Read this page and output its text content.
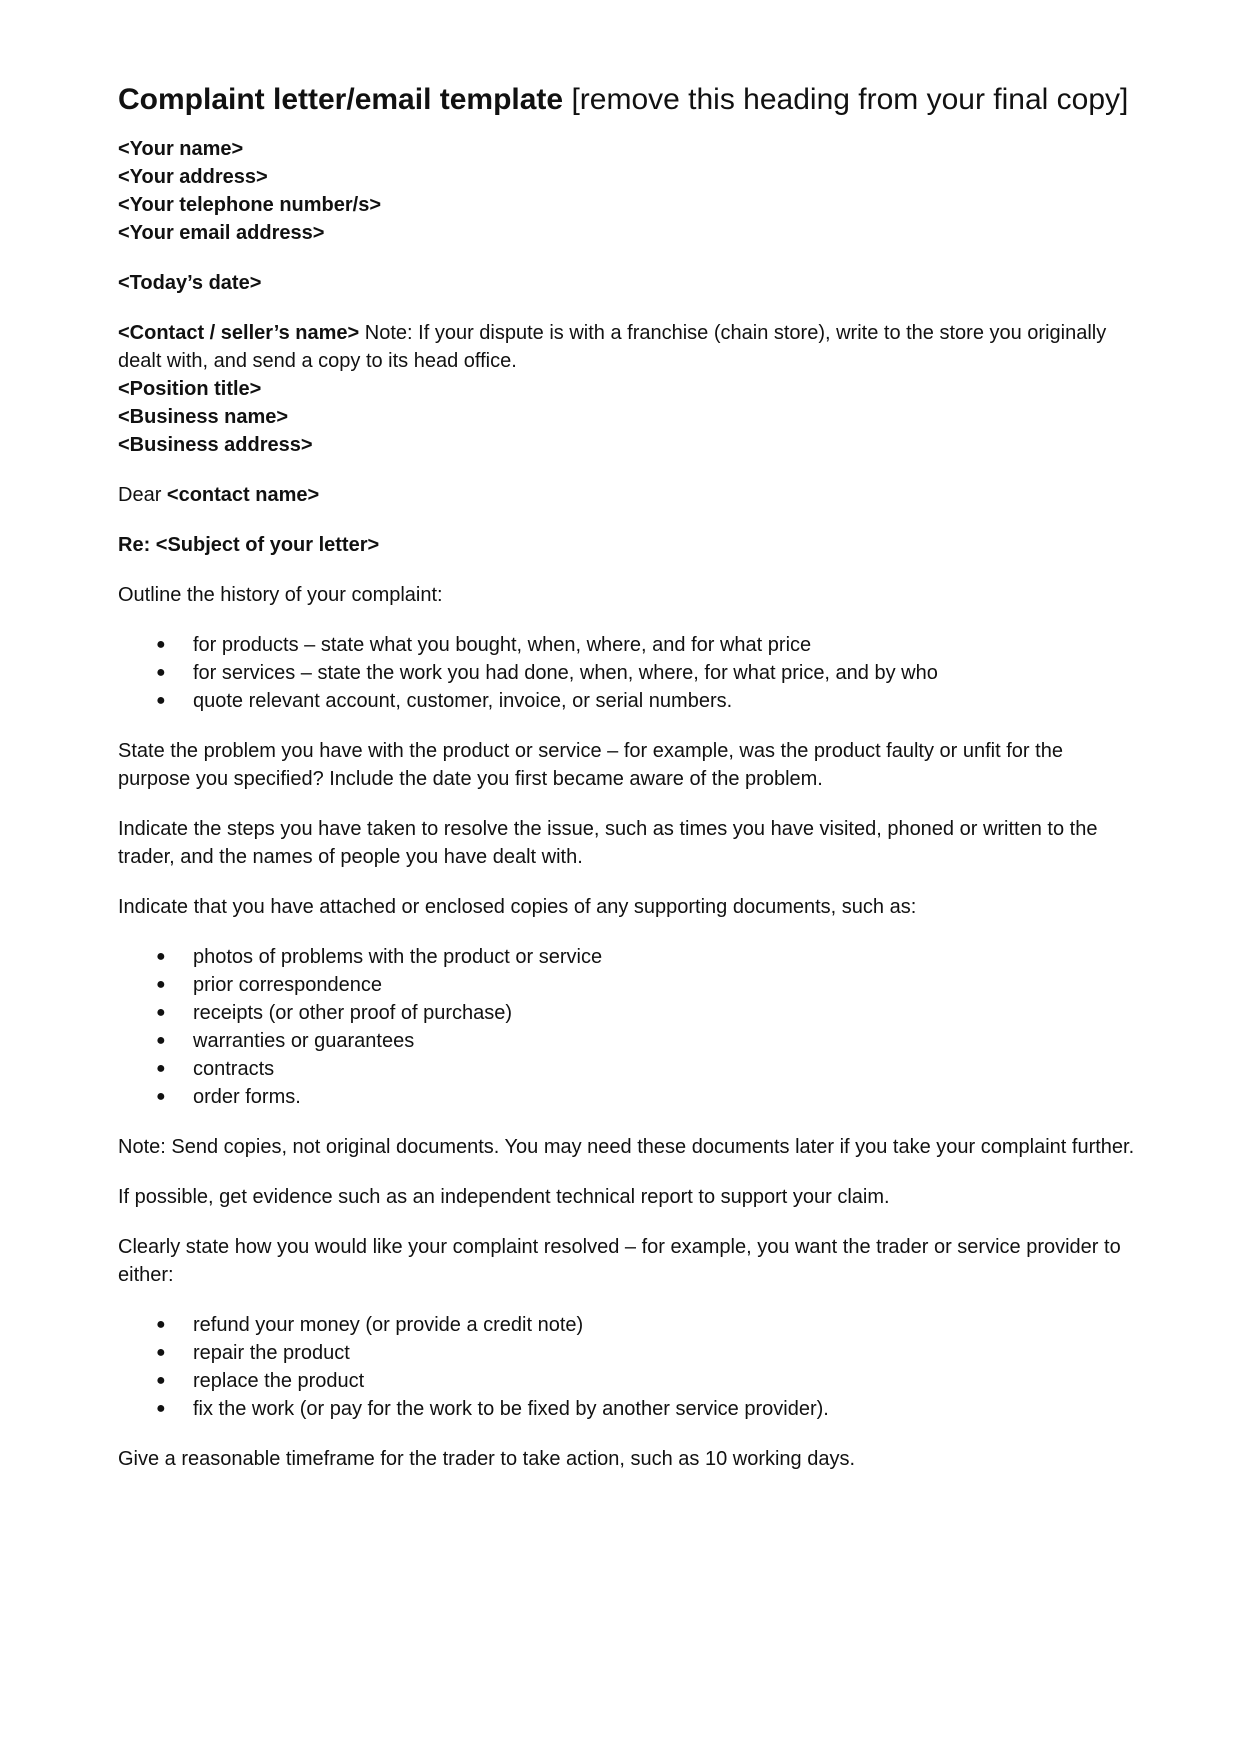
Complaint letter/email template [remove this heading from your final copy]
<Your name>
<Your address>
<Your telephone number/s>
<Your email address>

<Today’s date>

<Contact / seller’s name> Note: If your dispute is with a franchise (chain store), write to the store you originally dealt with, and send a copy to its head office.
<Position title>
<Business name>
<Business address>

Dear <contact name>

Re: <Subject of your letter>

Outline the history of your complaint:

● for products – state what you bought, when, where, and for what price
● for services – state the work you had done, when, where, for what price, and by who
● quote relevant account, customer, invoice, or serial numbers.

State the problem you have with the product or service – for example, was the product faulty or unfit for the purpose you specified? Include the date you first became aware of the problem.

Indicate the steps you have taken to resolve the issue, such as times you have visited, phoned or written to the trader, and the names of people you have dealt with.

Indicate that you have attached or enclosed copies of any supporting documents, such as:

● photos of problems with the product or service
● prior correspondence
● receipts (or other proof of purchase)
● warranties or guarantees
● contracts
● order forms.

Note: Send copies, not original documents. You may need these documents later if you take your complaint further.

If possible, get evidence such as an independent technical report to support your claim.

Clearly state how you would like your complaint resolved – for example, you want the trader or service provider to either:

● refund your money (or provide a credit note)
● repair the product
● replace the product
● fix the work (or pay for the work to be fixed by another service provider).

Give a reasonable timeframe for the trader to take action, such as 10 working days.
